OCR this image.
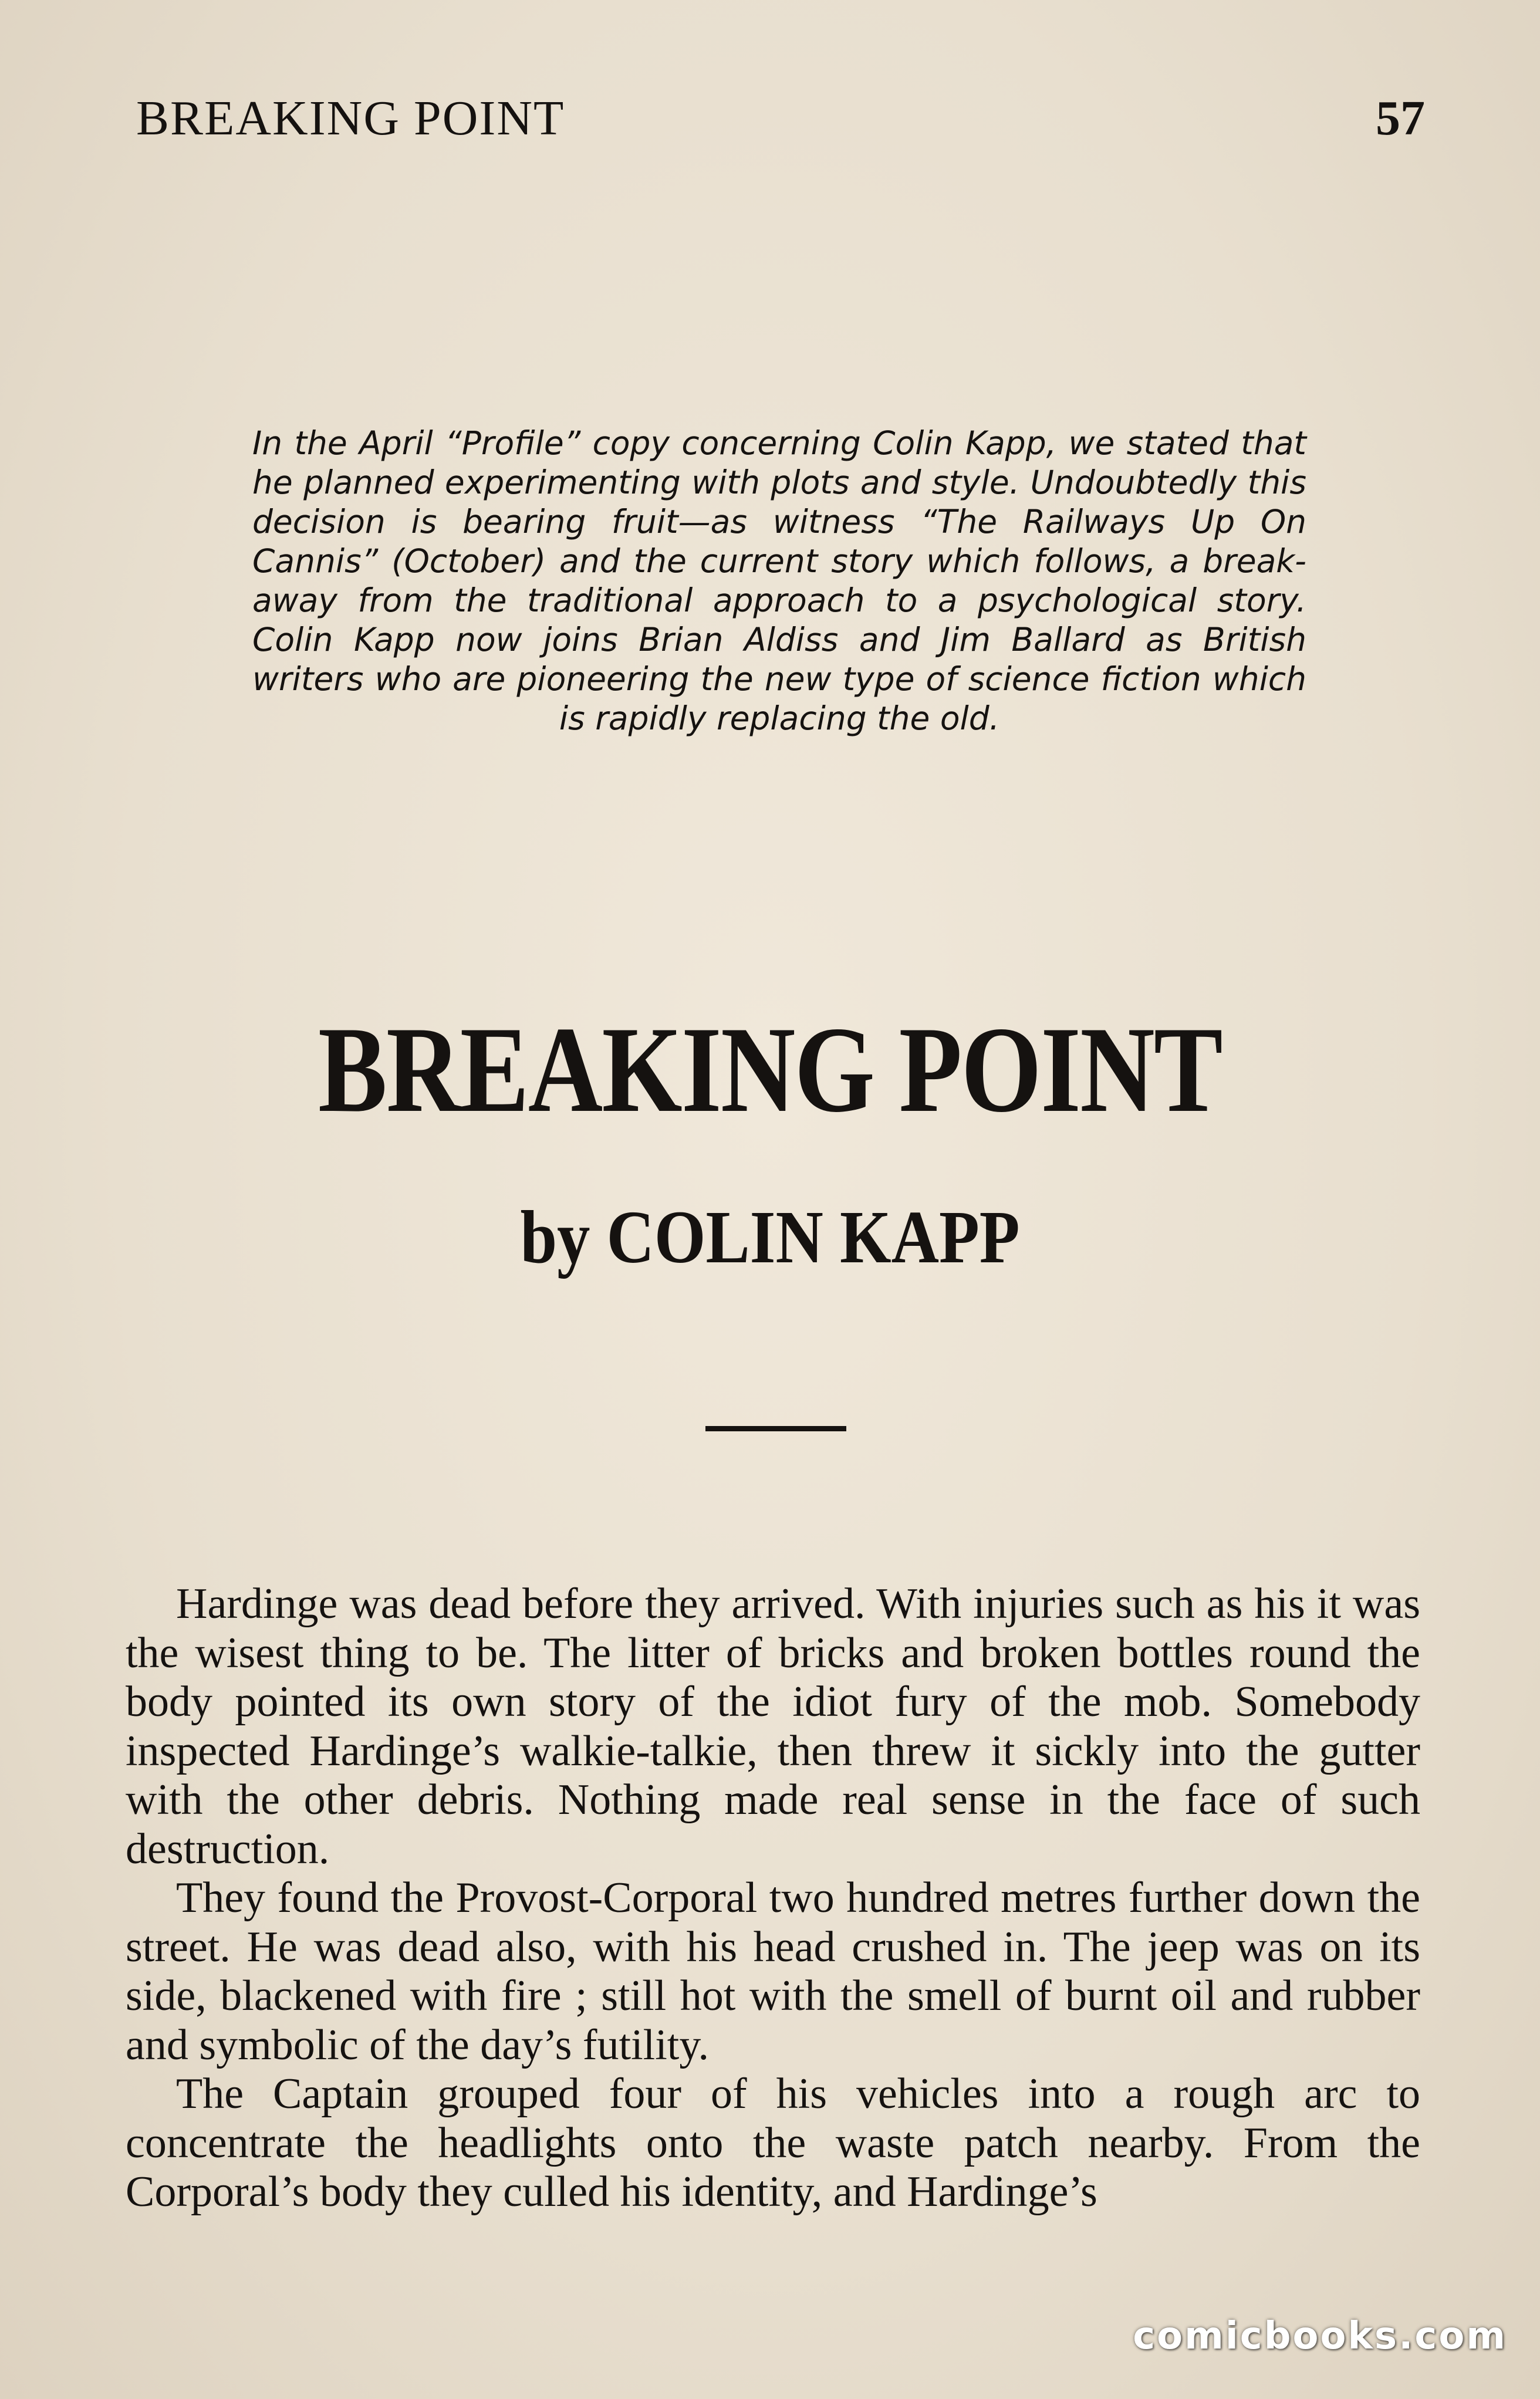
BREAKING POINT	57
In the April “Profile” copy concerning Colin Kapp, we stated that he planned experimenting with plots and style. Undoubtedly this decision is bearing fruit—as witness “The Railways Up On Cannis” (October) and the current story which follows, a breakaway from the traditional approach to a psychological story. Colin Kapp now joins Brian Aldiss and Jim Ballard as British writers who are pioneering the new type of science fiction which is rapidly replacing the old.
BREAKING POINT
by COLIN KAPP

Hardinge was dead before they arrived. With injuries such as his it was the wisest thing to be. The litter of bricks and broken bottles round the body pointed its own story of the idiot fury of the mob. Somebody inspected Hardinge’s walkie-talkie, then threw it sickly into the gutter with the other debris. Nothing made real sense in the face of such destruction.

They found the Provost-Corporal two hundred metres further down the street. He was dead also, with his head crushed in. The jeep was on its side, blackened with fire ; still hot with the smell of burnt oil and rubber and symbolic of the day’s futility.

The Captain grouped four of his vehicles into a rough arc to concentrate the headlights onto the waste patch nearby. From the Corporal’s body they culled his identity, and Hardinge’s

comicbooks.com
